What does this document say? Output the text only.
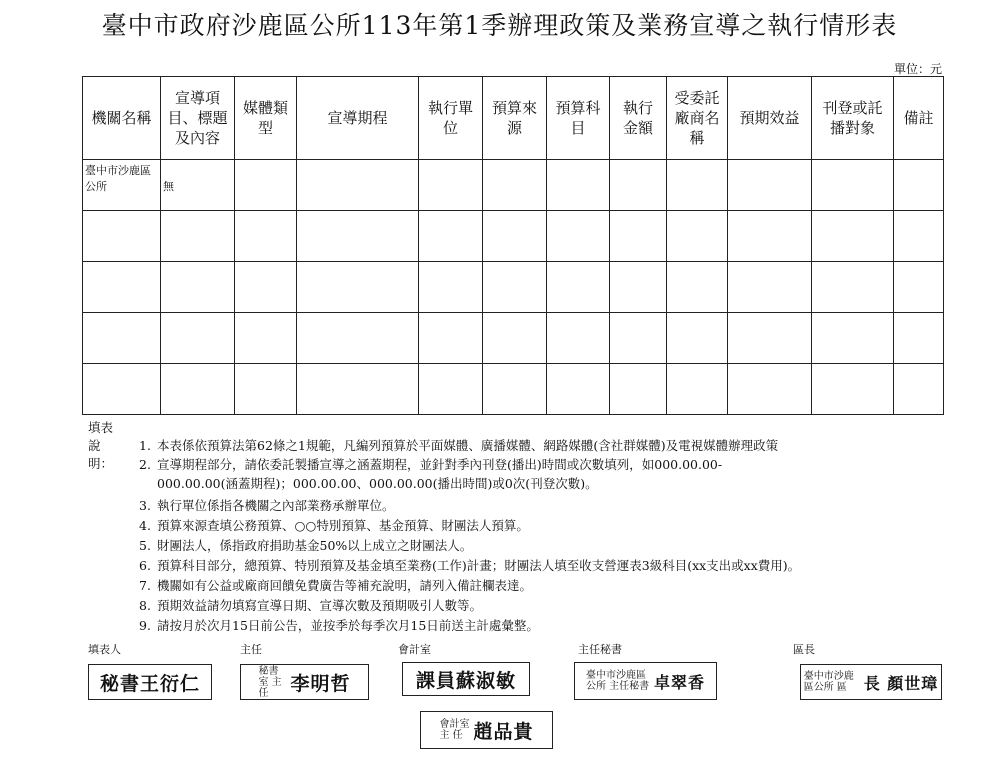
臺中市政府沙鹿區公所113年第1季辦理政策及業務宣導之執行情形表
單位：元
機關名稱	宣導項目、標題及內容	媒體類型	宣導期程	執行單位	預算來源	預算科目	執行金額	受委託廠商名稱	預期效益	刊登或託播對象	備註
臺中市沙鹿區公所	無										

填表說明：
1. 本表係依預算法第62條之1規範，凡編列預算於平面媒體、廣播媒體、網路媒體(含社群媒體)及電視媒體辦理政策
2. 宣導期程部分，請依委託製播宣導之涵蓋期程，並針對季內刊登(播出)時間或次數填列，如000.00.00-
000.00.00(涵蓋期程)；000.00.00、000.00.00(播出時間)或0次(刊登次數)。
3. 執行單位係指各機關之內部業務承辦單位。
4. 預算來源查填公務預算、○○特別預算、基金預算、財團法人預算。
5. 財團法人，係指政府捐助基金50%以上成立之財團法人。
6. 預算科目部分，總預算、特別預算及基金填至業務(工作)計畫；財團法人填至收支營運表3級科目(xx支出或xx費用)。
7. 機關如有公益或廠商回饋免費廣告等補充說明，請列入備註欄表達。
8. 預期效益請勿填寫宣導日期、宣導次數及預期吸引人數等。
9. 請按月於次月15日前公告，並按季於每季次月15日前送主計處彙整。
填表人	主任	會計室	主任秘書	區長
秘書王衍仁
秘書室 主 任	李明哲	課員蘇淑敏	臺中市沙鹿區公所 主任秘書 卓翠香	臺中市沙鹿區公所 區	長 顏世璋
會計室 主 任 趙品貴
